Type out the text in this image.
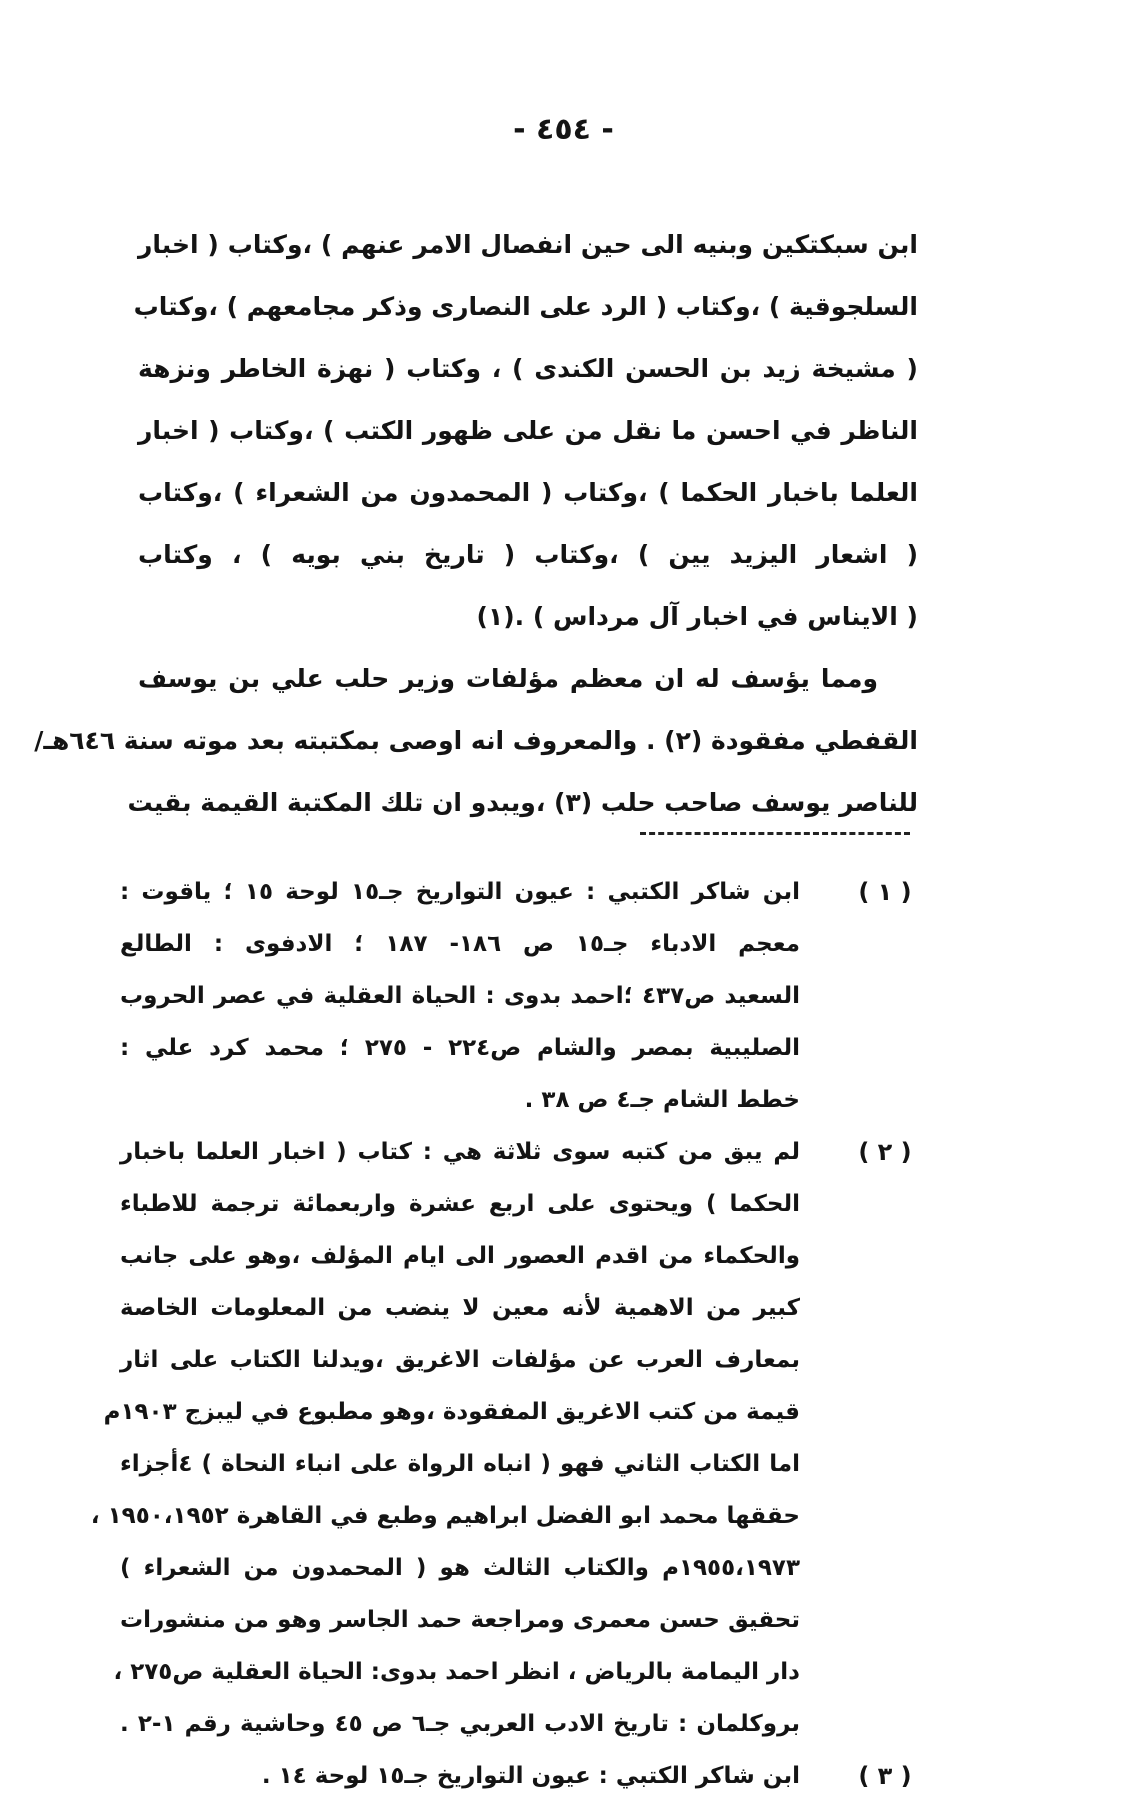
- ٤٥٤ -
ابن سبكتكين وبنيه الى حين انفصال الامر عنهم ) ،وكتاب ( اخبار
السلجوقية ) ،وكتاب ( الرد على النصارى وذكر مجامعهم ) ،وكتاب
( مشيخة زيد بن الحسن الكندى ) ، وكتاب ( نهزة الخاطر ونزهة
الناظر في احسن ما نقل من على ظهور الكتب ) ،وكتاب ( اخبار
العلما باخبار الحكما ) ،وكتاب ( المحمدون من الشعراء ) ،وكتاب
( اشعار اليزيد يين ) ،وكتاب ( تاريخ بني بويه ) ، وكتاب
( الايناس في اخبار آل مرداس ) .(١)
ومما يؤسف له ان معظم مؤلفات وزير حلب علي بن يوسف
القفطي مفقودة (٢) . والمعروف انه اوصى بمكتبته بعد موته سنة ٦٤٦هـ/
للناصر يوسف صاحب حلب (٣) ،ويبدو ان تلك المكتبة القيمة بقيت
( ١ )
ابن شاكر الكتبي : عيون التواريخ جـ١٥ لوحة ١٥ ؛ ياقوت :
معجم الادباء جـ١٥ ص ١٨٦- ١٨٧ ؛ الادفوى : الطالع
السعيد ص٤٣٧ ؛احمد بدوى : الحياة العقلية في عصر الحروب
الصليبية بمصر والشام ص٢٢٤ - ٢٧٥ ؛ محمد كرد علي :
خطط الشام جـ٤ ص ٣٨ .
( ٢ )
لم يبق من كتبه سوى ثلاثة هي : كتاب ( اخبار العلما باخبار
الحكما ) ويحتوى على اربع عشرة واربعمائة ترجمة للاطباء
والحكماء من اقدم العصور الى ايام المؤلف ،وهو على جانب
كبير من الاهمية لأنه معين لا ينضب من المعلومات الخاصة
بمعارف العرب عن مؤلفات الاغريق ،ويدلنا الكتاب على اثار
قيمة من كتب الاغريق المفقودة ،وهو مطبوع في ليبزج ١٩٠٣م
اما الكتاب الثاني فهو ( انباه الرواة على انباء النحاة ) ٤أجزاء
حققها محمد ابو الفضل ابراهيم وطبع في القاهرة ١٩٥٠،١٩٥٢ ،
١٩٥٥،١٩٧٣م والكتاب الثالث هو ( المحمدون من الشعراء )
تحقيق حسن معمرى ومراجعة حمد الجاسر وهو من منشورات
دار اليمامة بالرياض ، انظر احمد بدوى: الحياة العقلية ص٢٧٥ ،
بروكلمان : تاريخ الادب العربي جـ٦ ص ٤٥ وحاشية رقم ١-٢ .
( ٣ )
ابن شاكر الكتبي : عيون التواريخ جـ١٥ لوحة ١٤ .
